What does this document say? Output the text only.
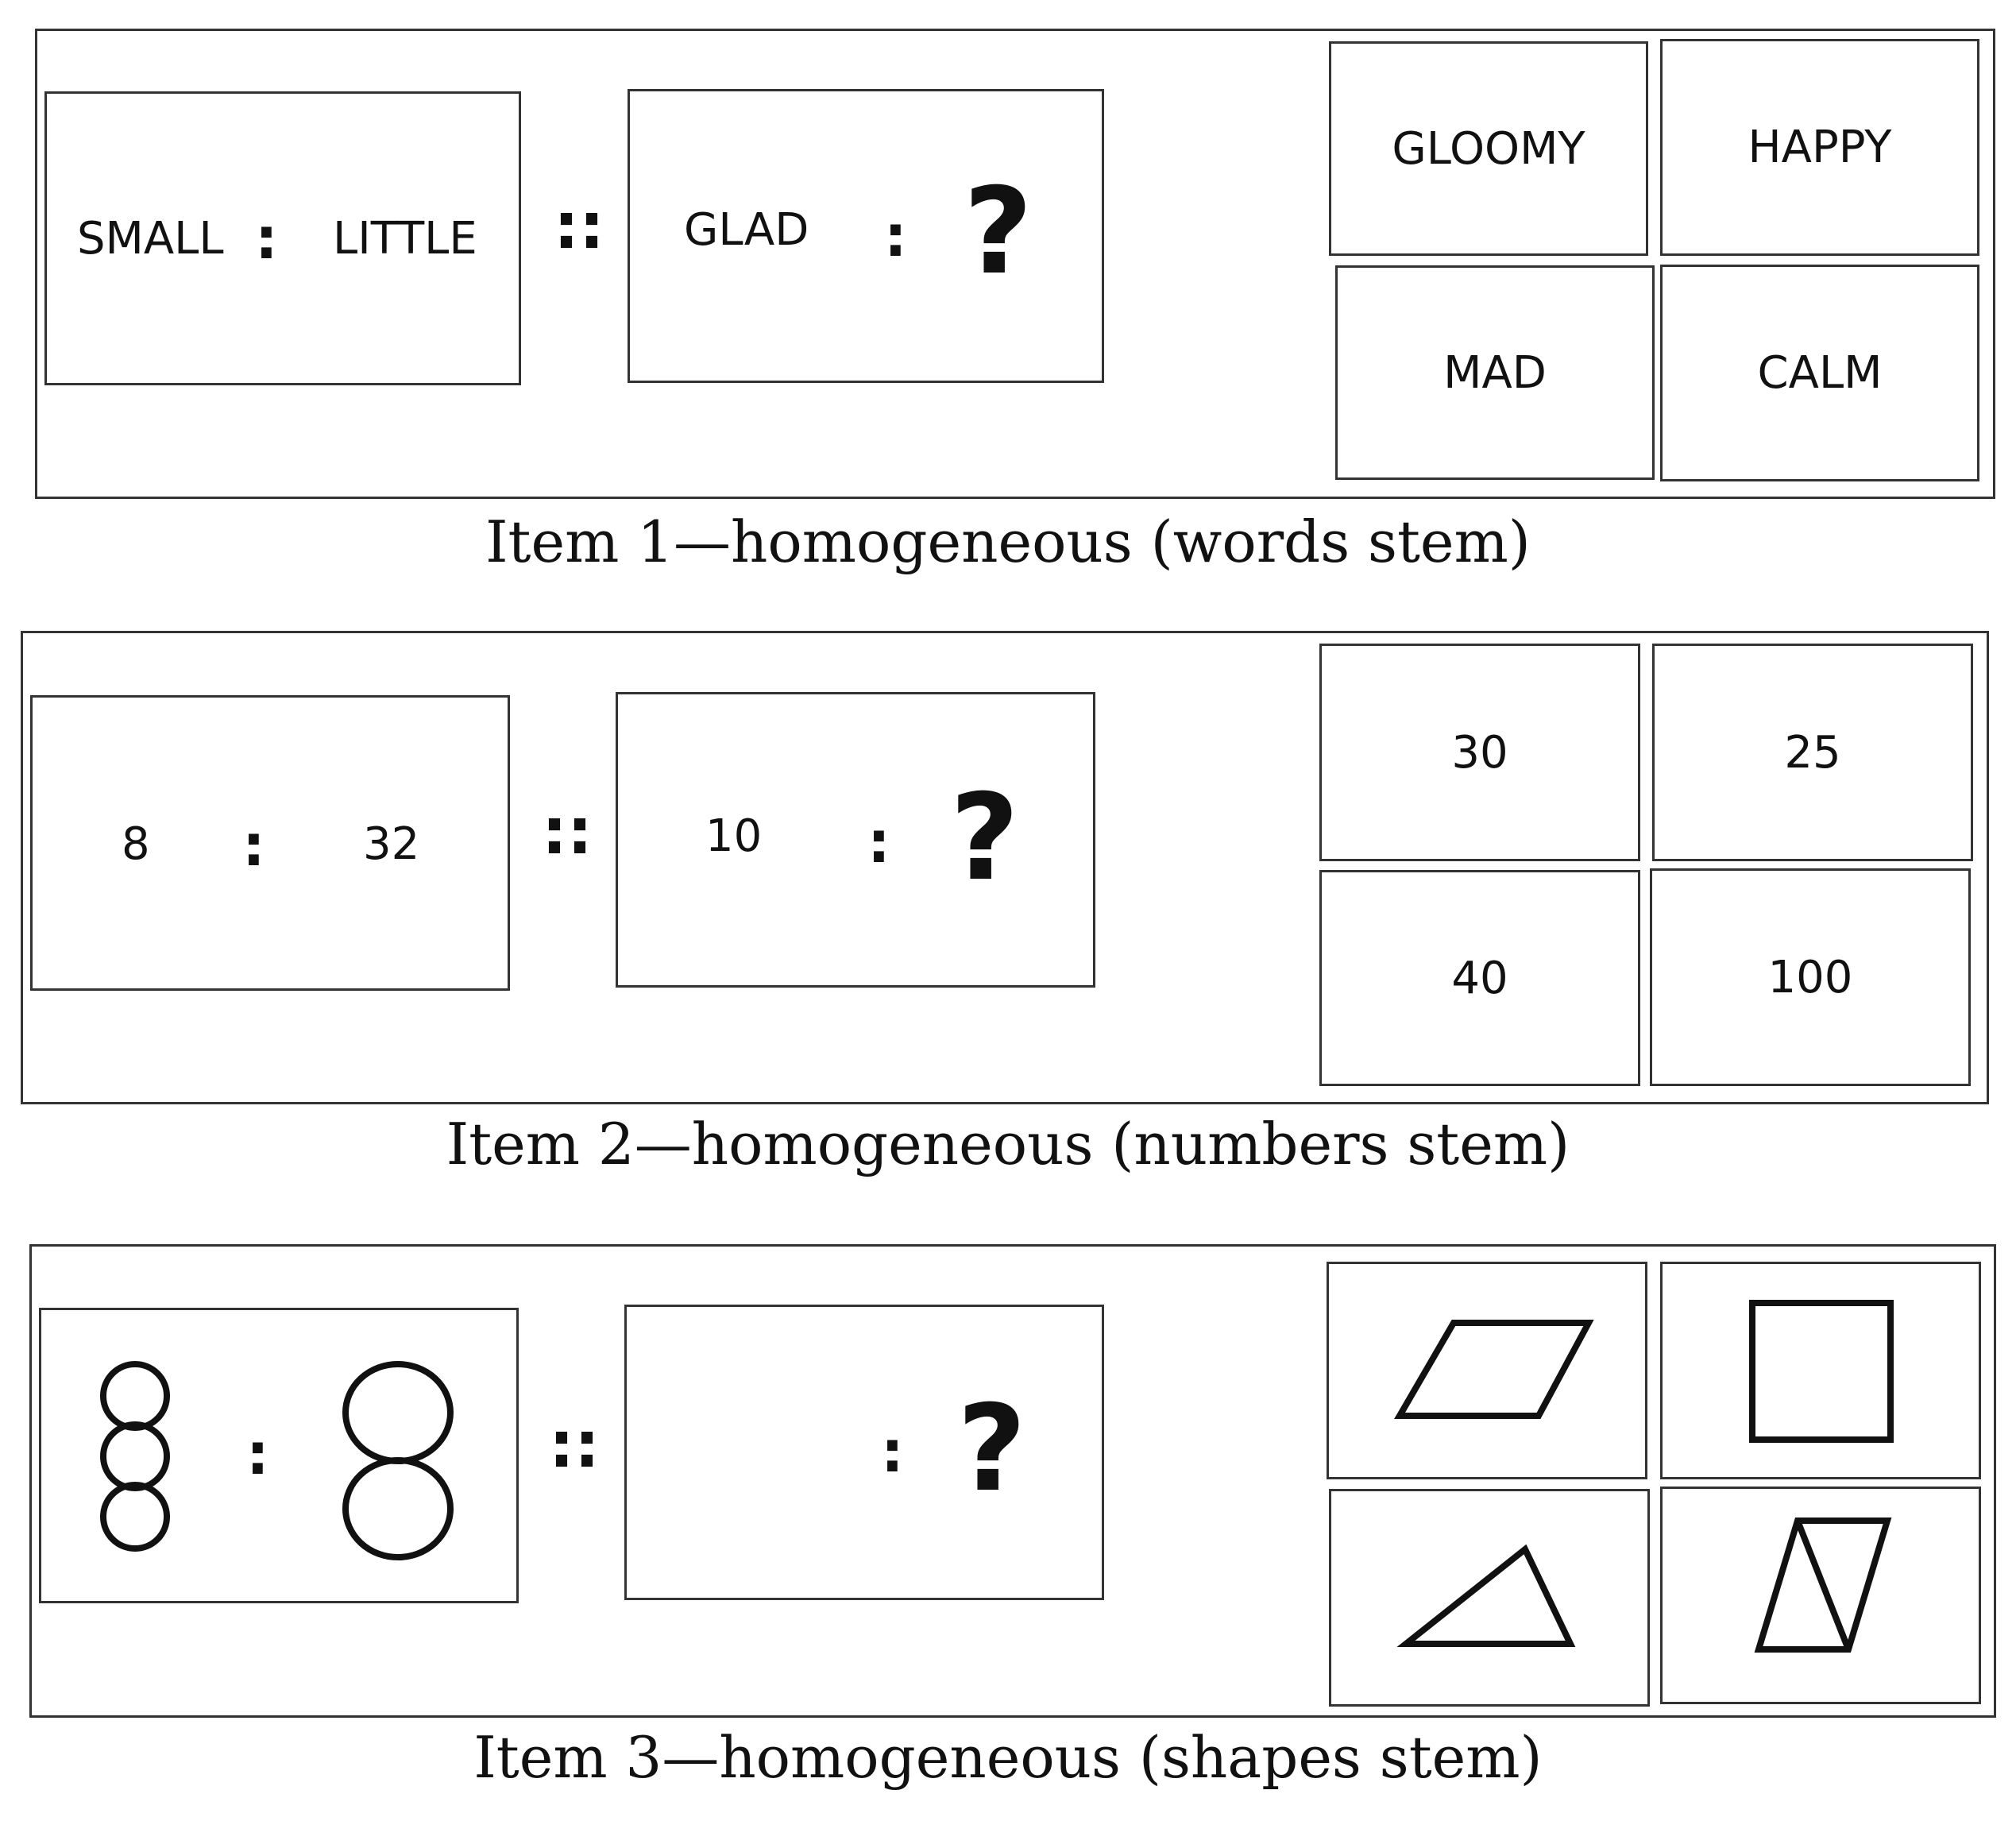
SMALL : LITTLE :: GLAD : ?
GLOOMY	HAPPY
MAD	CALM
Item 1—homogeneous (words stem)
8 : 32 ::	10 : ?
30	25
40	100
Item 2—homogeneous (numbers stem)
:	::	: ?
Item 3—homogeneous (shapes stem)
